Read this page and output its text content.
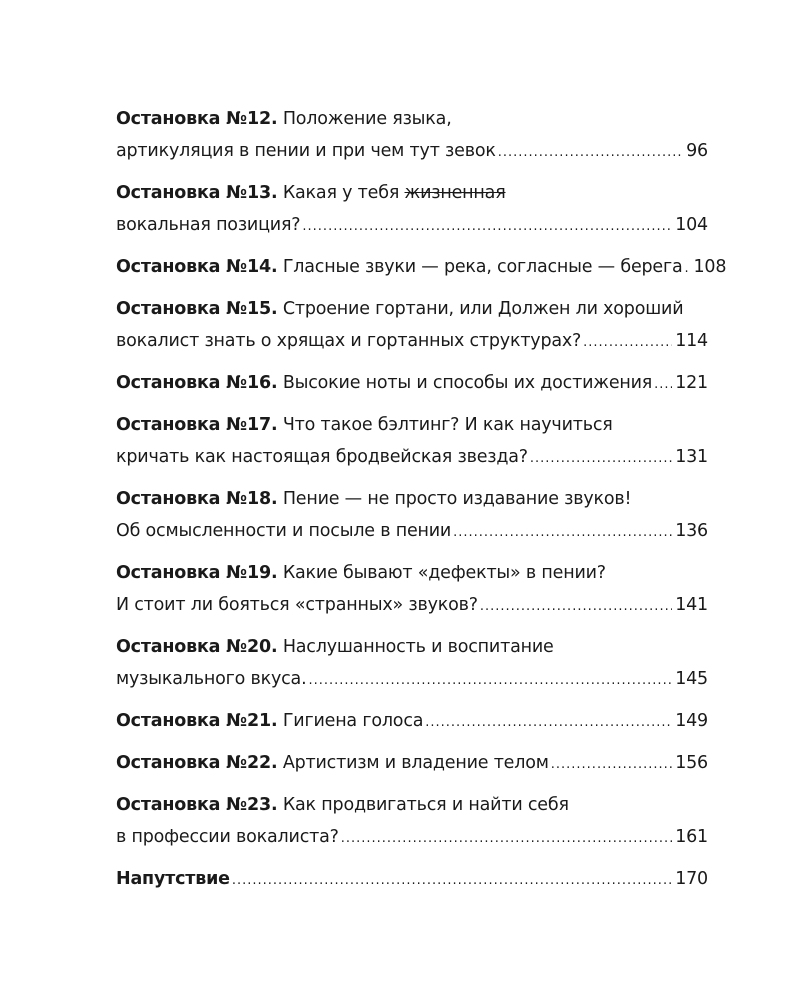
Остановка №12.
Положение языка,
артикуляция в пении и при чем тут зевок .....	96
Остановка №13.
Какая у тебя
жизненная
вокальная позиция? .....	104
Остановка №14.
Гласные звуки — река, согласные — берега ..... 108
Остановка №15.
Строение гортани, или Должен ли хороший
вокалист знать о хрящах и гортанных структурах? .....	114
Остановка №16.
Высокие ноты и способы их достижения ..... 121
Остановка №17.
Что такое бэлтинг? И как научиться
кричать как настоящая бродвейская звезда? .....	131
Остановка №18.
Пение — не просто издавание звуков!
Об осмысленности и посыле в пении .....	136
Остановка №19.
Какие бывают «дефекты» в пении?
И стоит ли бояться «странных» звуков? .....	141
Остановка №20.
Наслушанность и воспитание
музыкального вкуса. .....	145
Остановка №21.
Гигиена голоса .....	149
Остановка №22.
Артистизм и владение телом .....	156
Остановка №23.
Как продвигаться и найти себя
в профессии вокалиста? .....	161
Напутствие .....	170
